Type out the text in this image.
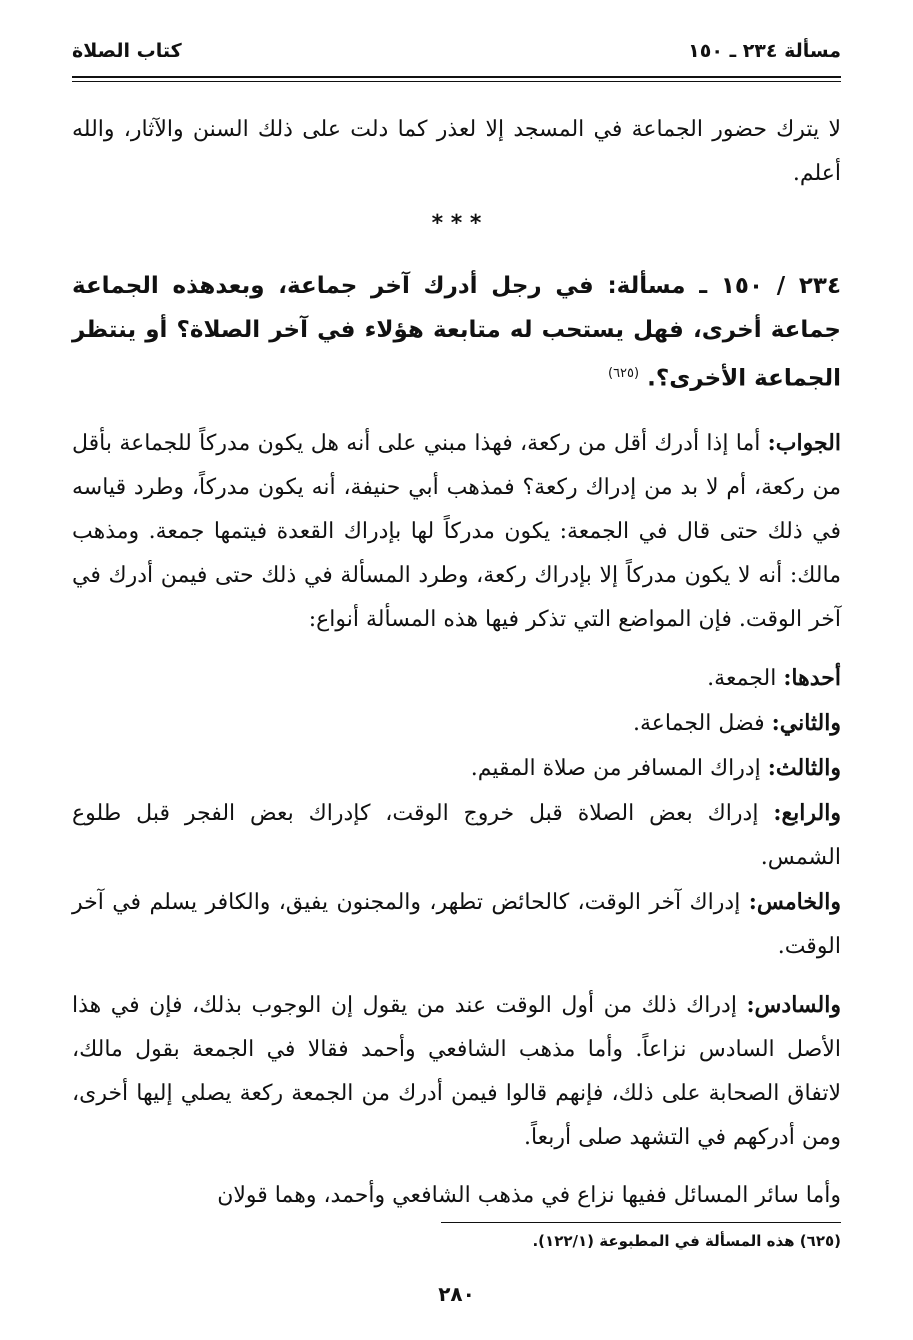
مسألة ٢٣٤ ـ ١٥٠
كتاب الصلاة

لا يترك حضور الجماعة في المسجد إلا لعذر كما دلت على ذلك السنن والآثار، والله أعلم.

* * *

٢٣٤ / ١٥٠ ـ مسألة: في رجل أدرك آخر جماعة، وبعدهذه الجماعة جماعة أخرى، فهل يستحب له متابعة هؤلاء في آخر الصلاة؟ أو ينتظر الجماعة الأخرى؟. $^{(٦٢٥)}$

الجواب: أما إذا أدرك أقل من ركعة، فهذا مبني على أنه هل يكون مدركاً للجماعة بأقل من ركعة، أم لا بد من إدراك ركعة؟ فمذهب أبي حنيفة، أنه يكون مدركاً، وطرد قياسه في ذلك حتى قال في الجمعة: يكون مدركاً لها بإدراك القعدة فيتمها جمعة. ومذهب مالك: أنه لا يكون مدركاً إلا بإدراك ركعة، وطرد المسألة في ذلك حتى فيمن أدرك في آخر الوقت. فإن المواضع التي تذكر فيها هذه المسألة أنواع:

أحدها: الجمعة.

والثاني: فضل الجماعة.

والثالث: إدراك المسافر من صلاة المقيم.

والرابع: إدراك بعض الصلاة قبل خروج الوقت، كإدراك بعض الفجر قبل طلوع الشمس.

والخامس: إدراك آخر الوقت، كالحائض تطهر، والمجنون يفيق، والكافر يسلم في آخر الوقت.

والسادس: إدراك ذلك من أول الوقت عند من يقول إن الوجوب بذلك، فإن في هذا الأصل السادس نزاعاً. وأما مذهب الشافعي وأحمد فقالا في الجمعة بقول مالك، لاتفاق الصحابة على ذلك، فإنهم قالوا فيمن أدرك من الجمعة ركعة يصلي إليها أخرى، ومن أدركهم في التشهد صلى أربعاً.

وأما سائر المسائل ففيها نزاع في مذهب الشافعي وأحمد، وهما قولان

(٦٢٥) هذه المسألة في المطبوعة (١٢٢/١).
٢٨٠
